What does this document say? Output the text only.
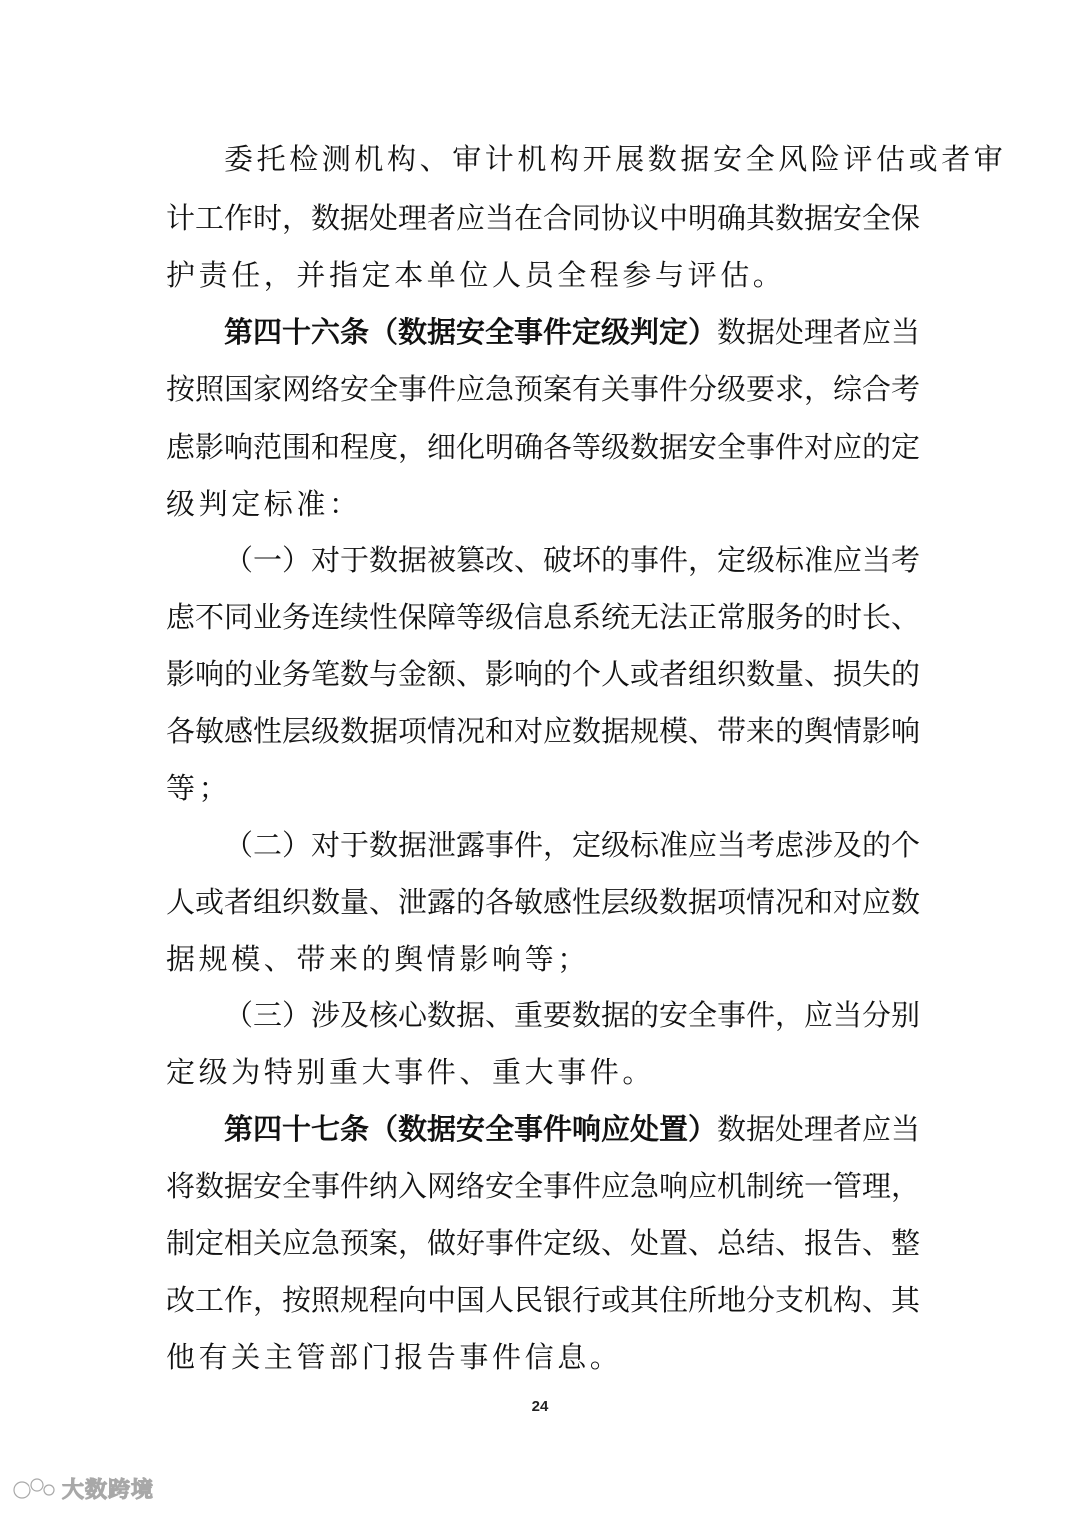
委托检测机构、审计机构开展数据安全风险评估或者审
计工作时，数据处理者应当在合同协议中明确其数据安全保
护责任，并指定本单位人员全程参与评估。
第四十六条（数据安全事件定级判定）数据处理者应当
按照国家网络安全事件应急预案有关事件分级要求，综合考
虑影响范围和程度，细化明确各等级数据安全事件对应的定
级判定标准：
（一）对于数据被篡改、破坏的事件，定级标准应当考
虑不同业务连续性保障等级信息系统无法正常服务的时长、
影响的业务笔数与金额、影响的个人或者组织数量、损失的
各敏感性层级数据项情况和对应数据规模、带来的舆情影响
等；
（二）对于数据泄露事件，定级标准应当考虑涉及的个
人或者组织数量、泄露的各敏感性层级数据项情况和对应数
据规模、带来的舆情影响等；
（三）涉及核心数据、重要数据的安全事件，应当分别
定级为特别重大事件、重大事件。
第四十七条（数据安全事件响应处置）数据处理者应当
将数据安全事件纳入网络安全事件应急响应机制统一管理，
制定相关应急预案，做好事件定级、处置、总结、报告、整
改工作，按照规程向中国人民银行或其住所地分支机构、其
他有关主管部门报告事件信息。
24
大数跨境
